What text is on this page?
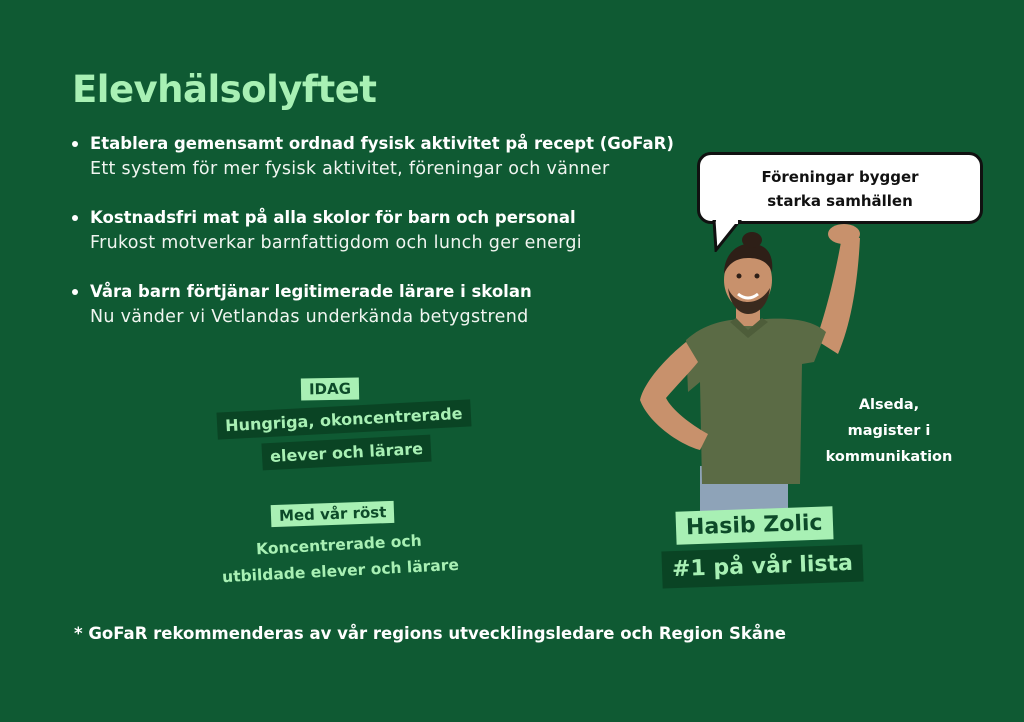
Elevhälsolyftet
Etablera gemensamt ordnad fysisk aktivitet på recept (GoFaR)
Ett system för mer fysisk aktivitet, föreningar och vänner
Kostnadsfri mat på alla skolor för barn och personal
Frukost motverkar barnfattigdom och lunch ger energi
Våra barn förtjänar legitimerade lärare i skolan
Nu vänder vi Vetlandas underkända betygstrend
IDAG
Hungriga, okoncentrerade
elever och lärare
Med vår röst
Koncentrerade och
utbildade elever och lärare
* GoFaR rekommenderas av vår regions utvecklingsledare och Region Skåne
Föreningar bygger
starka samhällen
Alseda,
magister i
kommunikation
Hasib Zolic
#1 på vår lista
